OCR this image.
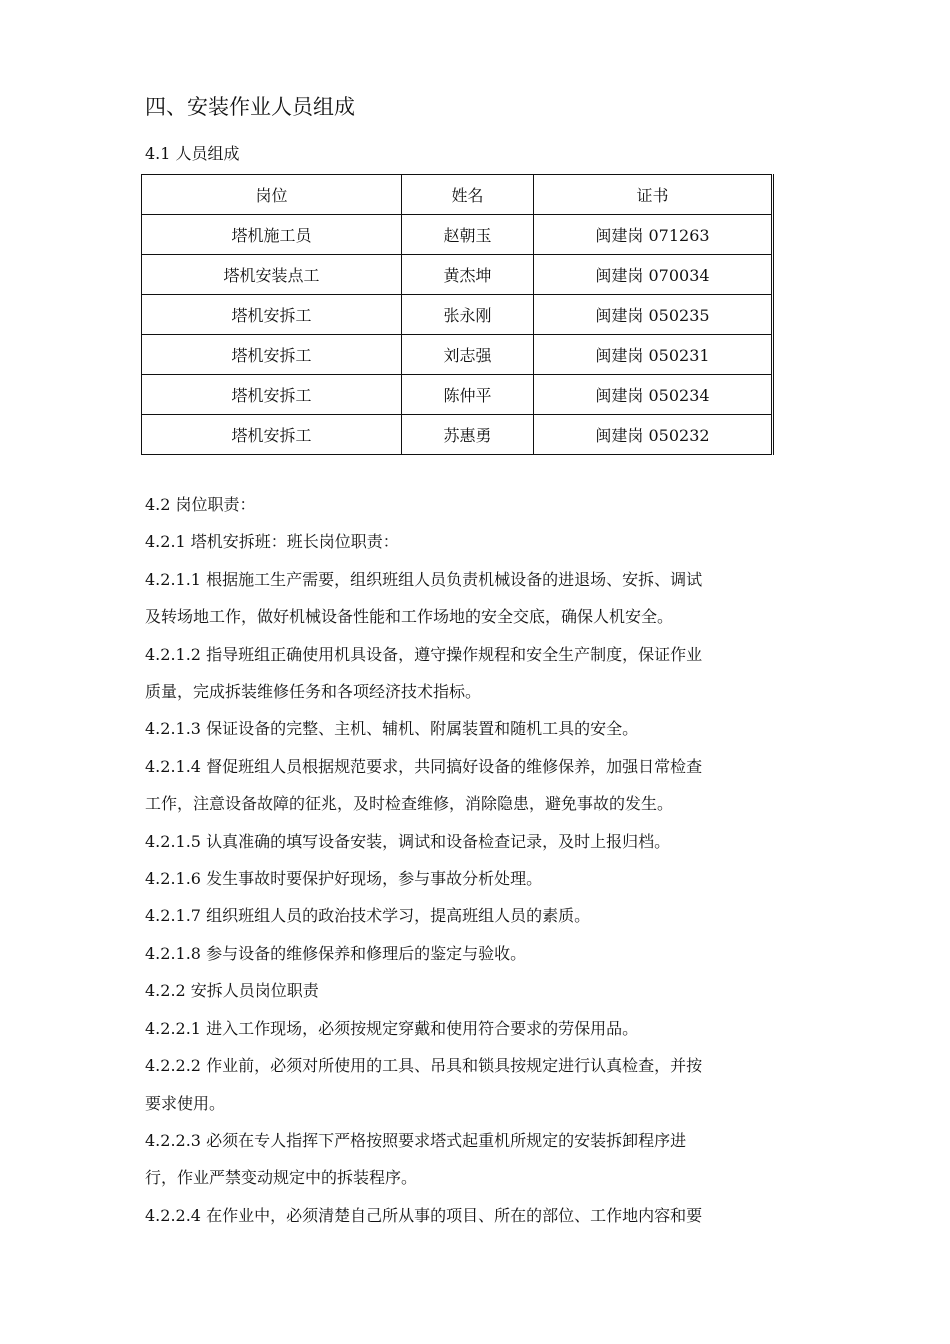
四、安装作业人员组成
4.1 人员组成
岗位	姓名	证书
塔机施工员	赵朝玉	闽建岗 071263
塔机安装点工	黄杰坤	闽建岗 070034
塔机安拆工	张永刚	闽建岗 050235
塔机安拆工	刘志强	闽建岗 050231
塔机安拆工	陈仲平	闽建岗 050234
塔机安拆工	苏惠勇	闽建岗 050232

4.2 岗位职责：

4.2.1 塔机安拆班：班长岗位职责：

4.2.1.1 根据施工生产需要，组织班组人员负责机械设备的进退场、安拆、调试
及转场地工作，做好机械设备性能和工作场地的安全交底，确保人机安全。

4.2.1.2 指导班组正确使用机具设备，遵守操作规程和安全生产制度，保证作业
质量，完成拆装维修任务和各项经济技术指标。

4.2.1.3 保证设备的完整、主机、辅机、附属装置和随机工具的安全。

4.2.1.4 督促班组人员根据规范要求，共同搞好设备的维修保养，加强日常检查
工作，注意设备故障的征兆，及时检查维修，消除隐患，避免事故的发生。

4.2.1.5 认真准确的填写设备安装，调试和设备检查记录，及时上报归档。

4.2.1.6 发生事故时要保护好现场，参与事故分析处理。

4.2.1.7 组织班组人员的政治技术学习，提高班组人员的素质。

4.2.1.8 参与设备的维修保养和修理后的鉴定与验收。

4.2.2 安拆人员岗位职责

4.2.2.1 进入工作现场，必须按规定穿戴和使用符合要求的劳保用品。

4.2.2.2 作业前，必须对所使用的工具、吊具和锁具按规定进行认真检查，并按
要求使用。

4.2.2.3 必须在专人指挥下严格按照要求塔式起重机所规定的安装拆卸程序进
行，作业严禁变动规定中的拆装程序。

4.2.2.4 在作业中，必须清楚自己所从事的项目、所在的部位、工作地内容和要
